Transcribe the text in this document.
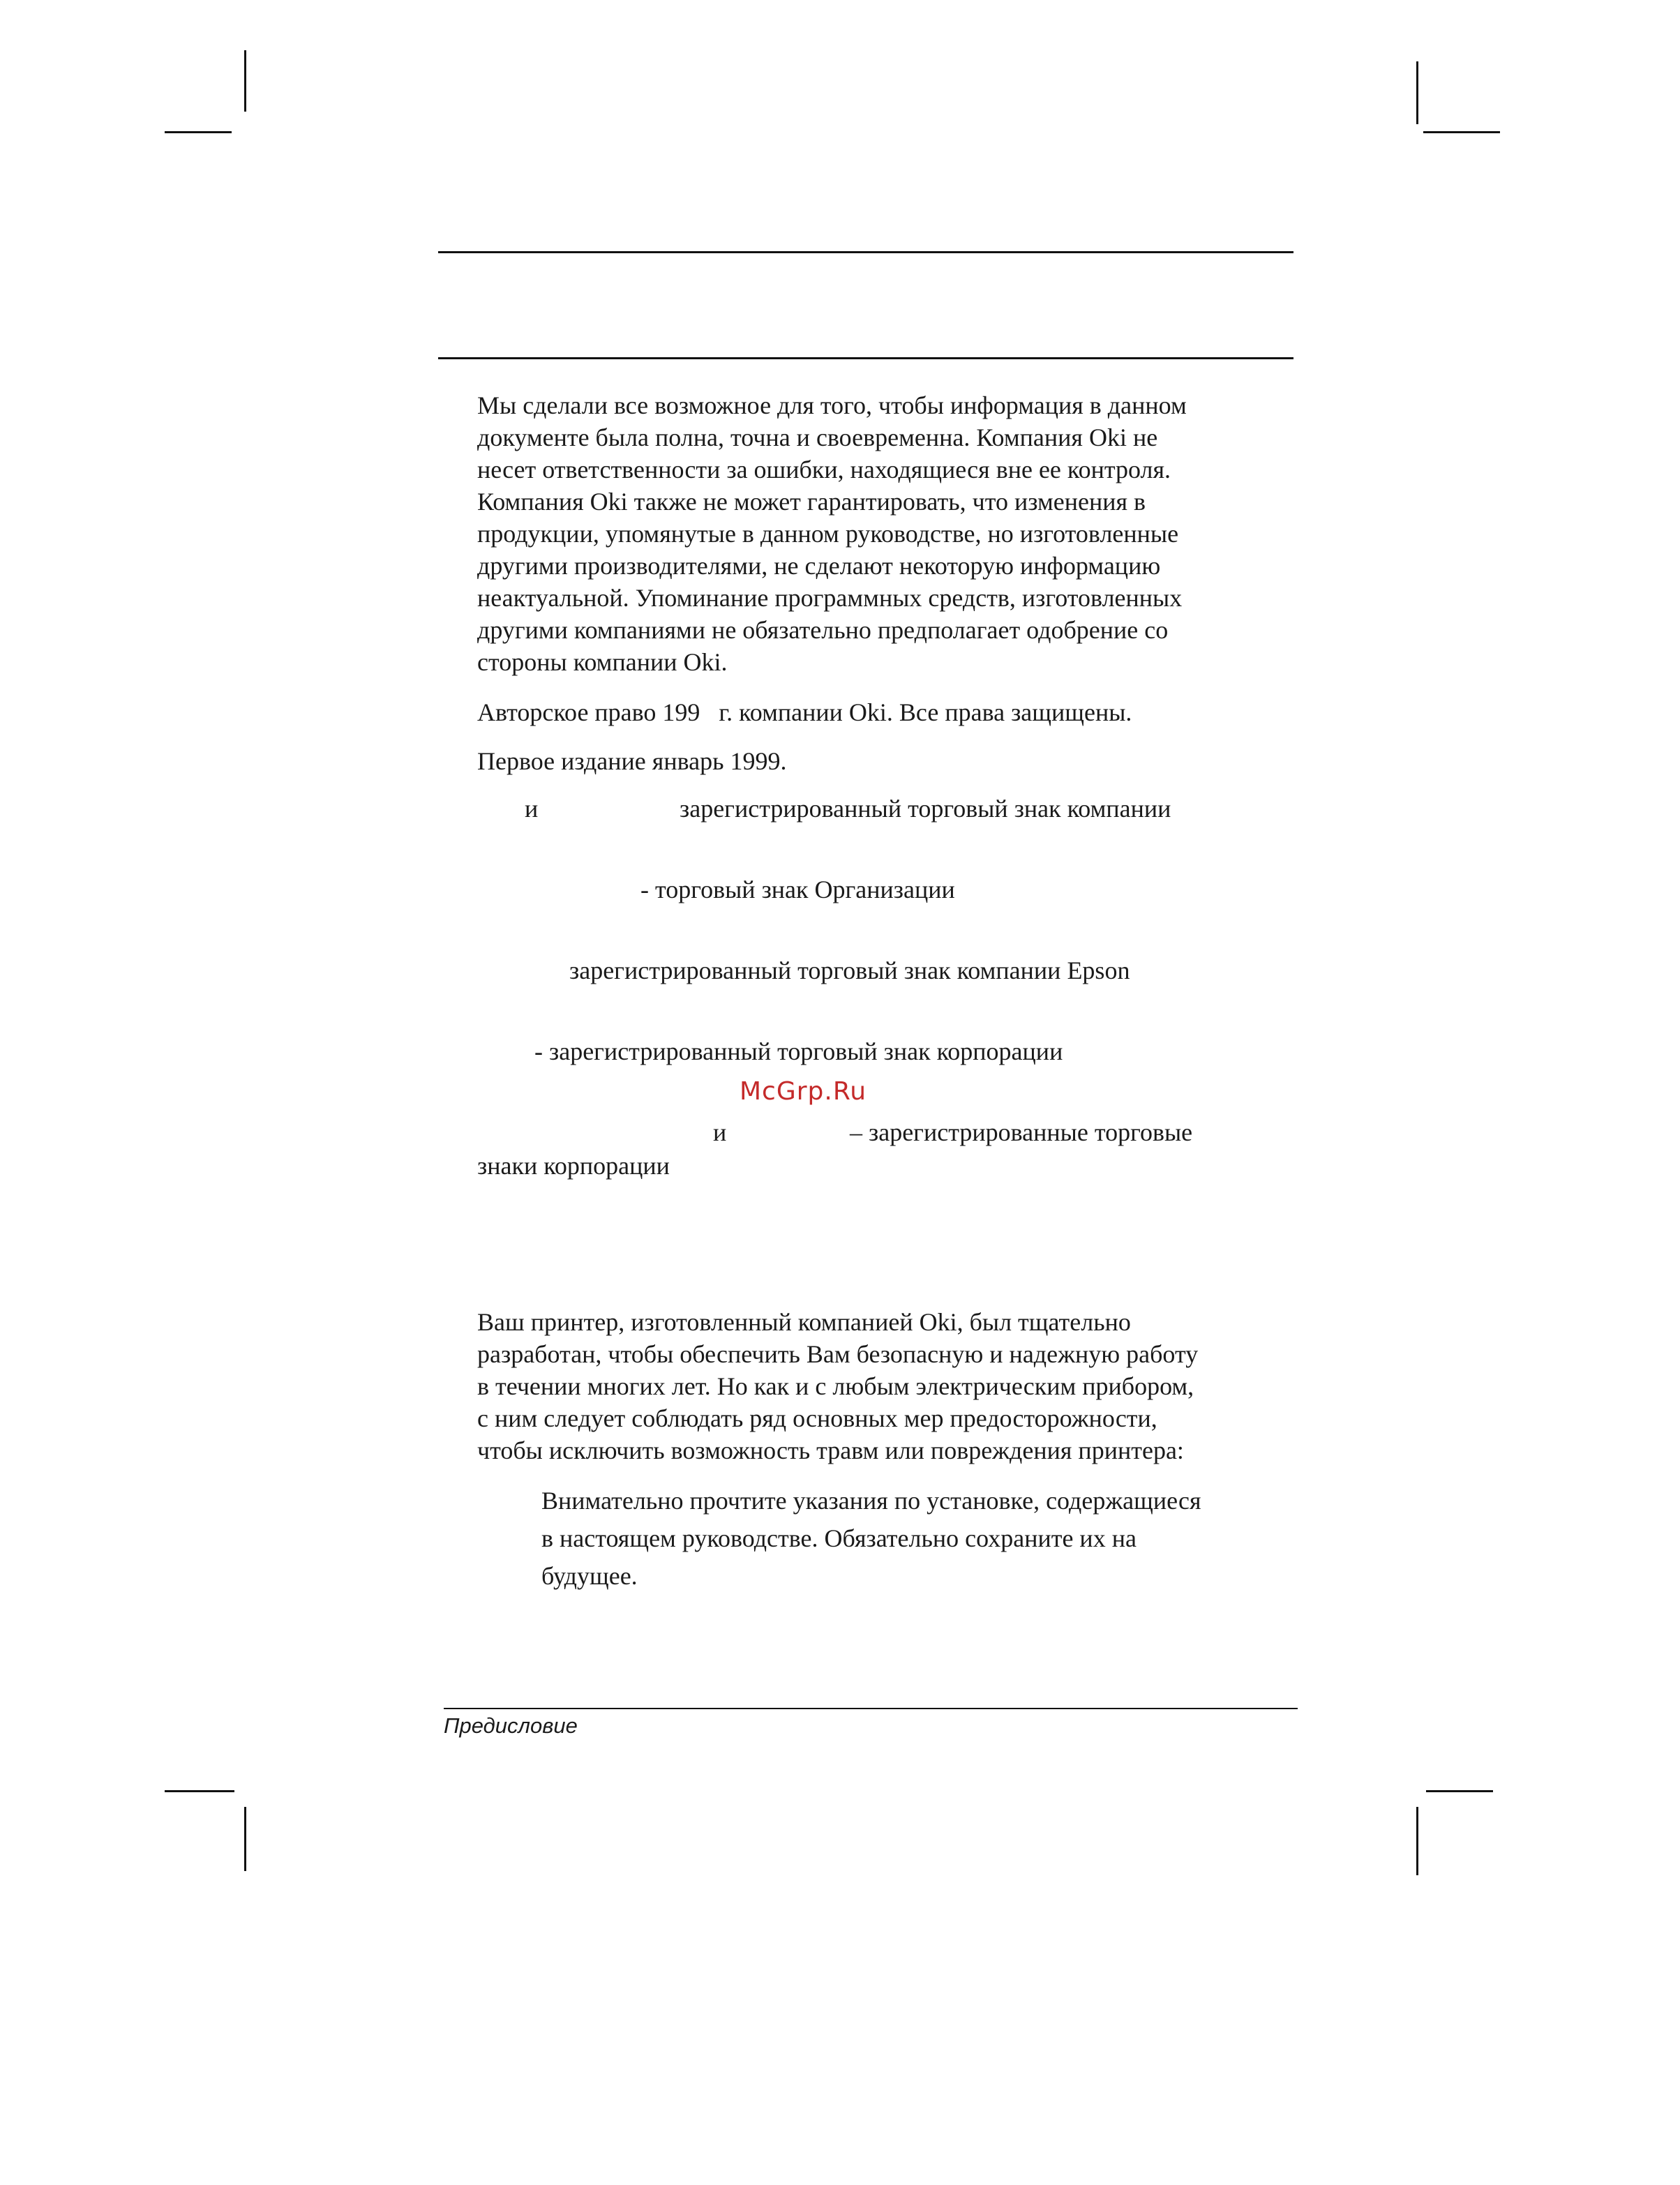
Мы сделали все возможное для того, чтобы информация в данном
документе была полна, точна и своевременна. Компания Oki не
несет ответственности за ошибки, находящиеся вне ее контроля.
Компания Oki также не может гарантировать, что изменения в
продукции, упомянутые в данном руководстве, но изготовленные
другими производителями, не сделают некоторую информацию
неактуальной. Упоминание программных средств, изготовленных
другими компаниями не обязательно предполагает одобрение со
стороны компании Oki.
Авторское право 199   г. компании Oki. Все права защищены.
Первое издание январь 1999.
и	зарегистрированный торговый знак компании
- торговый знак Организации
зарегистрированный торговый знак компании Epson
- зарегистрированный торговый знак корпорации
McGrp.Ru
и	– зарегистрированные торговые
знаки корпорации
Ваш принтер, изготовленный компанией Oki, был тщательно
разработан, чтобы обеспечить Вам безопасную и надежную работу
в течении многих лет. Но как и с любым электрическим прибором,
с ним следует соблюдать ряд основных мер предосторожности,
чтобы исключить возможность травм или повреждения принтера:
Внимательно прочтите указания по установке, содержащиеся
в настоящем руководстве. Обязательно сохраните их на
будущее.
Предисловие
